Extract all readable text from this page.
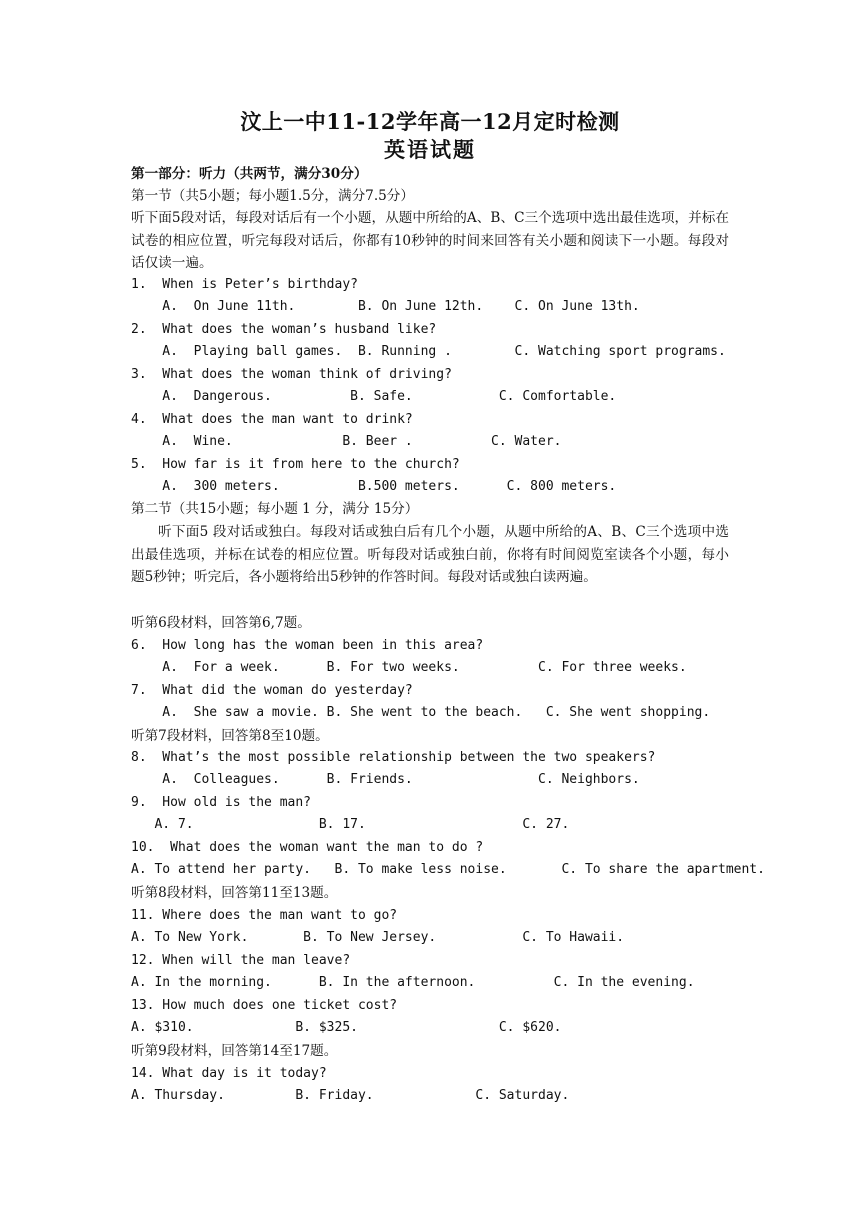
汶上一中11-12学年高一12月定时检测
英语试题
第一部分：听力（共两节，满分30分）
第一节（共5小题；每小题1.5分，满分7.5分）
听下面5段对话，每段对话后有一个小题，从题中所给的A、B、C三个选项中选出最佳选项，并标在试卷的相应位置，听完每段对话后，你都有10秒钟的时间来回答有关小题和阅读下一小题。每段对话仅读一遍。
1.  When is Peter’s birthday?
A.  On June 11th.        B. On June 12th.    C. On June 13th.
2.  What does the woman’s husband like?
A.  Playing ball games.  B. Running .        C. Watching sport programs.
3.  What does the woman think of driving?
A.  Dangerous.          B. Safe.           C. Comfortable.
4.  What does the man want to drink?
A.  Wine.              B. Beer .          C. Water.
5.  How far is it from here to the church?
A.  300 meters.          B.500 meters.      C. 800 meters.
第二节（共15小题；每小题 1 分，满分 15分）
听下面5 段对话或独白。每段对话或独白后有几个小题，从题中所给的A、B、C三个选项中选出最佳选项，并标在试卷的相应位置。听每段对话或独白前，你将有时间阅览室读各个小题，每小题5秒钟；听完后，各小题将给出5秒钟的作答时间。每段对话或独白读两遍。
听第6段材料，回答第6,7题。
6.  How long has the woman been in this area?
A.  For a week.      B. For two weeks.          C. For three weeks.
7.  What did the woman do yesterday?
A.  She saw a movie. B. She went to the beach.   C. She went shopping.
听第7段材料，回答第8至10题。
8.  What’s the most possible relationship between the two speakers?
A.  Colleagues.      B. Friends.                C. Neighbors.
9.  How old is the man?
A. 7.                B. 17.                    C. 27.
10.  What does the woman want the man to do ?
A. To attend her party.   B. To make less noise.       C. To share the apartment.
听第8段材料，回答第11至13题。
11. Where does the man want to go?
A. To New York.       B. To New Jersey.           C. To Hawaii.
12. When will the man leave?
A. In the morning.      B. In the afternoon.          C. In the evening.
13. How much does one ticket cost?
A. $310.             B. $325.                  C. $620.
听第9段材料，回答第14至17题。
14. What day is it today?
A. Thursday.         B. Friday.             C. Saturday.
